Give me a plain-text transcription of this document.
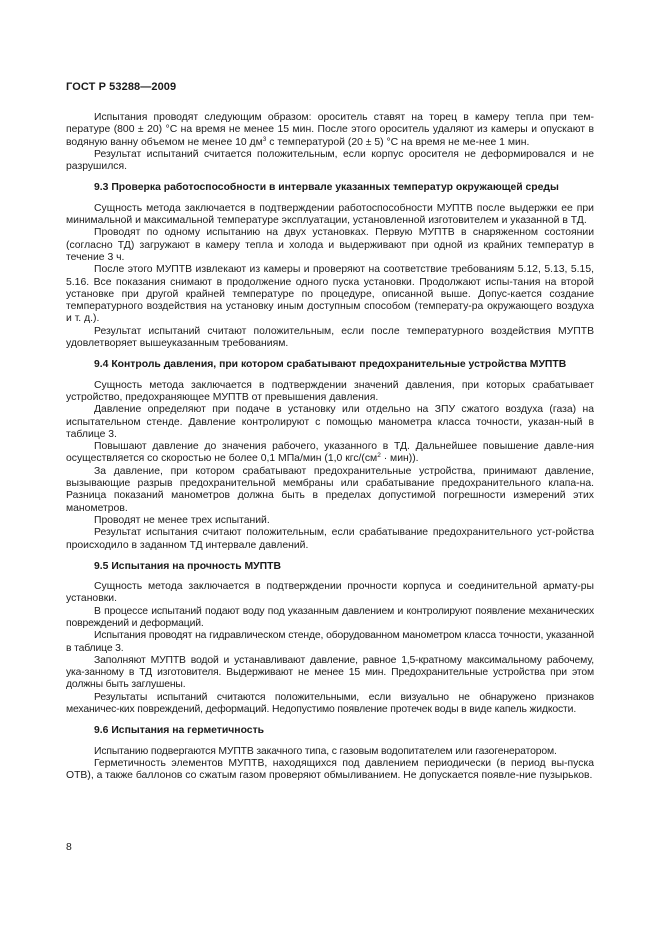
ГОСТ Р 53288—2009

Испытания проводят следующим образом: ороситель ставят на торец в камеру тепла при тем-пературе (800 ± 20) °С на время не менее 15 мин. После этого ороситель удаляют из камеры и опускают в водяную ванну объемом не менее 10 $дм^3$ с температурой (20 ± 5) °С на время не ме-нее 1 мин.

Результат испытаний считается положительным, если корпус оросителя не деформировался и не разрушился.

9.3 Проверка работоспособности в интервале указанных температур окружающей среды

Сущность метода заключается в подтверждении работоспособности МУПТВ после выдержки ее при минимальной и максимальной температуре эксплуатации, установленной изготовителем и указанной в ТД.

Проводят по одному испытанию на двух установках. Первую МУПТВ в снаряженном состоянии (согласно ТД) загружают в камеру тепла и холода и выдерживают при одной из крайних температур в течение 3 ч.

После этого МУПТВ извлекают из камеры и проверяют на соответствие требованиям 5.12, 5.13, 5.15, 5.16. Все показания снимают в продолжение одного пуска установки. Продолжают испы-тания на второй установке при другой крайней температуре по процедуре, описанной выше. Допус-кается создание температурного воздействия на установку иным доступным способом (температу-ра окружающего воздуха и т. д.).

Результат испытаний считают положительным, если после температурного воздействия МУПТВ удовлетворяет вышеуказанным требованиям.

9.4 Контроль давления, при котором срабатывают предохранительные устройства МУПТВ

Сущность метода заключается в подтверждении значений давления, при которых срабатывает устройство, предохраняющее МУПТВ от превышения давления.

Давление определяют при подаче в установку или отдельно на ЗПУ сжатого воздуха (газа) на испытательном стенде. Давление контролируют с помощью манометра класса точности, указан-ный в таблице 3.

Повышают давление до значения рабочего, указанного в ТД. Дальнейшее повышение давле-ния осуществляется со скоростью не более 0,1 МПа/мин (1,0 кгс/$(см^2 \cdot мин)$).

За давление, при котором срабатывают предохранительные устройства, принимают давление, вызывающие разрыв предохранительной мембраны или срабатывание предохранительного клапа-на. Разница показаний манометров должна быть в пределах допустимой погрешности измерений этих манометров.

Проводят не менее трех испытаний.

Результат испытания считают положительным, если срабатывание предохранительного уст-ройства происходило в заданном ТД интервале давлений.

9.5 Испытания на прочность МУПТВ

Сущность метода заключается в подтверждении прочности корпуса и соединительной армату-ры установки.

В процессе испытаний подают воду под указанным давлением и контролируют появление механических повреждений и деформаций.

Испытания проводят на гидравлическом стенде, оборудованном манометром класса точности, указанной в таблице 3.

Заполняют МУПТВ водой и устанавливают давление, равное 1,5-кратному максимальному рабочему, ука-занному в ТД изготовителя. Выдерживают не менее 15 мин. Предохранительные устройства при этом должны быть заглушены.

Результаты испытаний считаются положительными, если визуально не обнаружено признаков механичес-ких повреждений, деформаций. Недопустимо появление протечек воды в виде капель жидкости.

9.6 Испытания на герметичность

Испытанию подвергаются МУПТВ закачного типа, с газовым водопитателем или газогенератором.

Герметичность элементов МУПТВ, находящихся под давлением периодически (в период вы-пуска ОТВ), а также баллонов со сжатым газом проверяют обмыливанием. Не допускается появле-ние пузырьков.

8
